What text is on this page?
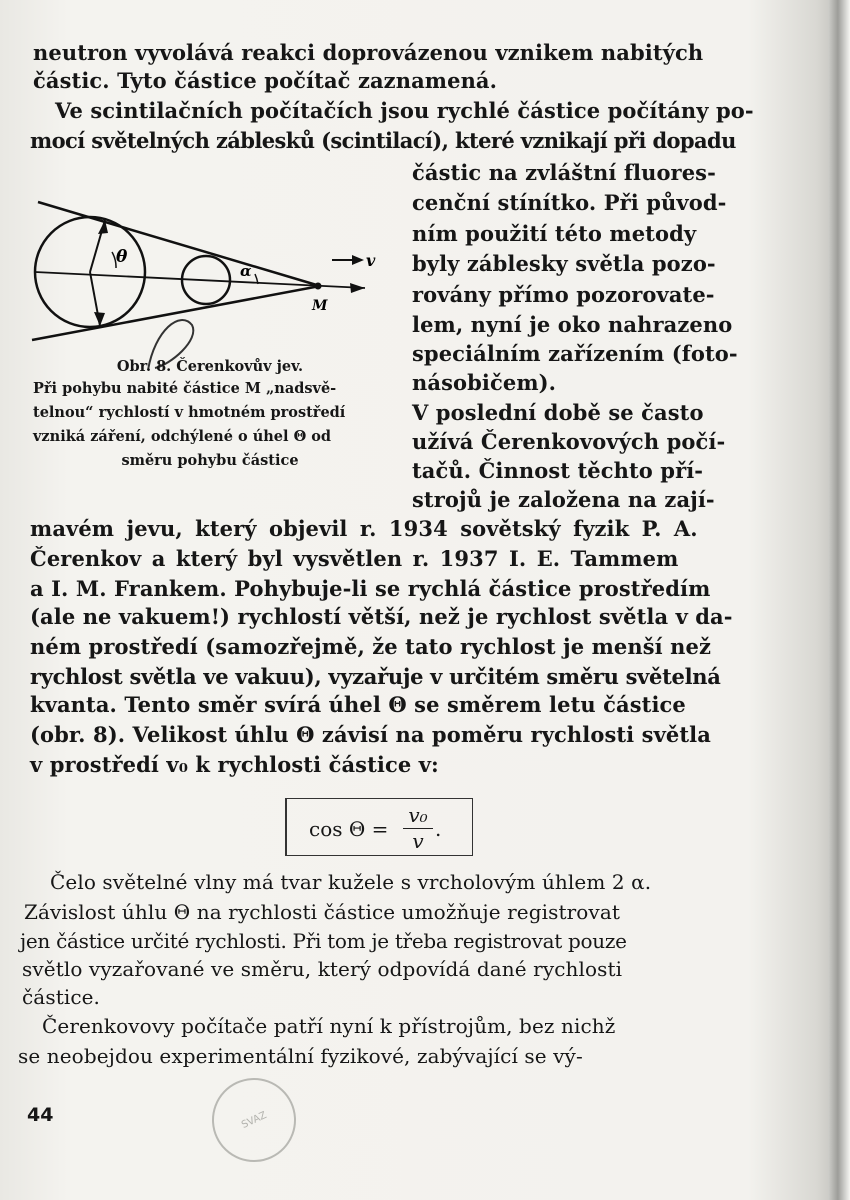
neutron vyvolává reakci doprovázenou vznikem nabitých
částic. Tyto částice počítač zaznamená.
Ve scintilačních počítačích jsou rychlé částice počítány po-
mocí světelných záblesků (scintilací), které vznikají při dopadu
částic na zvláštní fluores-
cenční stínítko. Při původ-
ním použití této metody
byly záblesky světla pozo-
rovány přímo pozorovate-
lem, nyní je oko nahrazeno
speciálním zařízením (foto-
násobičem).
V poslední době se často
užívá Čerenkovových počí-
tačů. Činnost těchto pří-
strojů je založena na zají-
θ
α
v
M
Obr. 8. Čerenkovův jev.
Při pohybu nabité částice M „nadsvě-
telnou“ rychlostí v hmotném prostředí
vzniká záření, odchýlené o úhel Θ od
směru pohybu částice
mavém jevu, který objevil r. 1934 sovětský fyzik P. A.
Čerenkov a který byl vysvětlen r. 1937 I. E. Tammem
a I. M. Frankem. Pohybuje-li se rychlá částice prostředím
(ale ne vakuem!) rychlostí větší, než je rychlost světla v da-
ném prostředí (samozřejmě, že tato rychlost je menší než
rychlost světla ve vakuu), vyzařuje v určitém směru světelná
kvanta. Tento směr svírá úhel Θ se směrem letu částice
(obr. 8). Velikost úhlu Θ závisí na poměru rychlosti světla
v prostředí v₀ k rychlosti částice v:
$\cos \Theta = \frac{\text{v₀}}{v}$ .
Čelo světelné vlny má tvar kužele s vrcholovým úhlem 2 α.
Závislost úhlu Θ na rychlosti částice umožňuje registrovat
jen částice určité rychlosti. Při tom je třeba registrovat pouze
světlo vyzařované ve směru, který odpovídá dané rychlosti
částice.
Čerenkovovy počítače patří nyní k přístrojům, bez nichž
se neobejdou experimentální fyzikové, zabývající se vý-
44	SVAZ
